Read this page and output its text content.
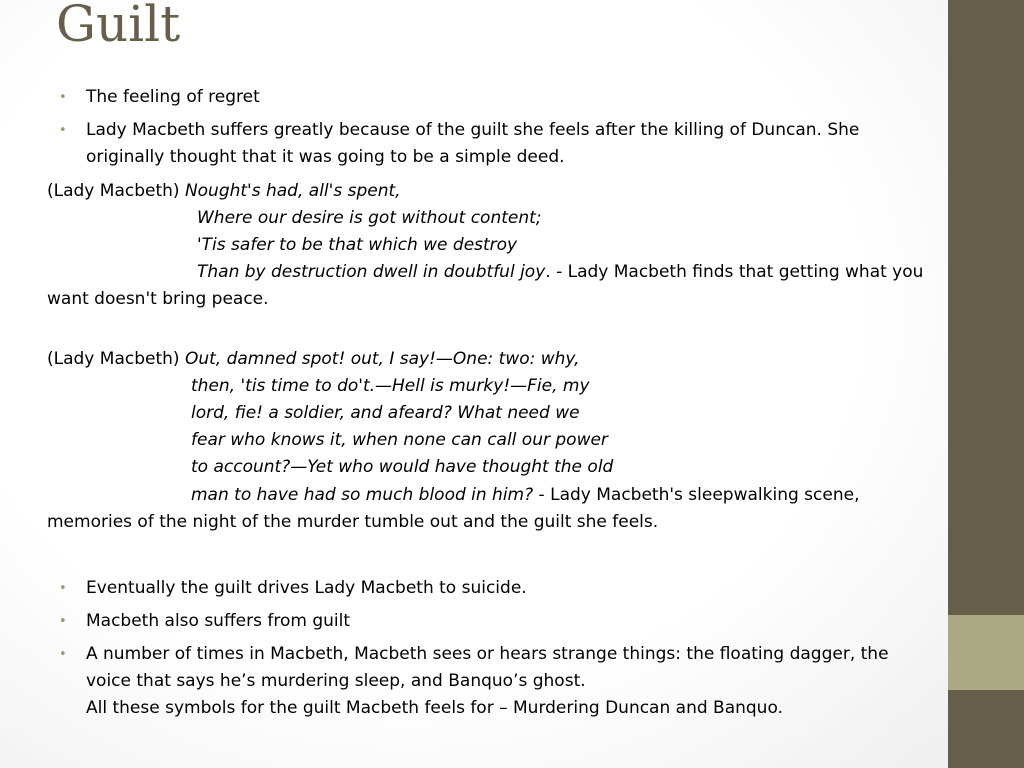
Guilt
• The feeling of regret
• Lady Macbeth suffers greatly because of the guilt she feels after the killing of Duncan. She
originally thought that it was going to be a simple deed.
(Lady Macbeth) Nought's had, all's spent,
Where our desire is got without content;
'Tis safer to be that which we destroy
Than by destruction dwell in doubtful joy. - Lady Macbeth finds that getting what you
want doesn't bring peace.
(Lady Macbeth) Out, damned spot! out, I say!—One: two: why,
then, 'tis time to do't.—Hell is murky!—Fie, my
lord, fie! a soldier, and afeard? What need we
fear who knows it, when none can call our power
to account?—Yet who would have thought the old
man to have had so much blood in him? - Lady Macbeth's sleepwalking scene,
memories of the night of the murder tumble out and the guilt she feels.
• Eventually the guilt drives Lady Macbeth to suicide.
• Macbeth also suffers from guilt
• A number of times in Macbeth, Macbeth sees or hears strange things: the floating dagger, the
voice that says he’s murdering sleep, and Banquo’s ghost.
All these symbols for the guilt Macbeth feels for – Murdering Duncan and Banquo.
